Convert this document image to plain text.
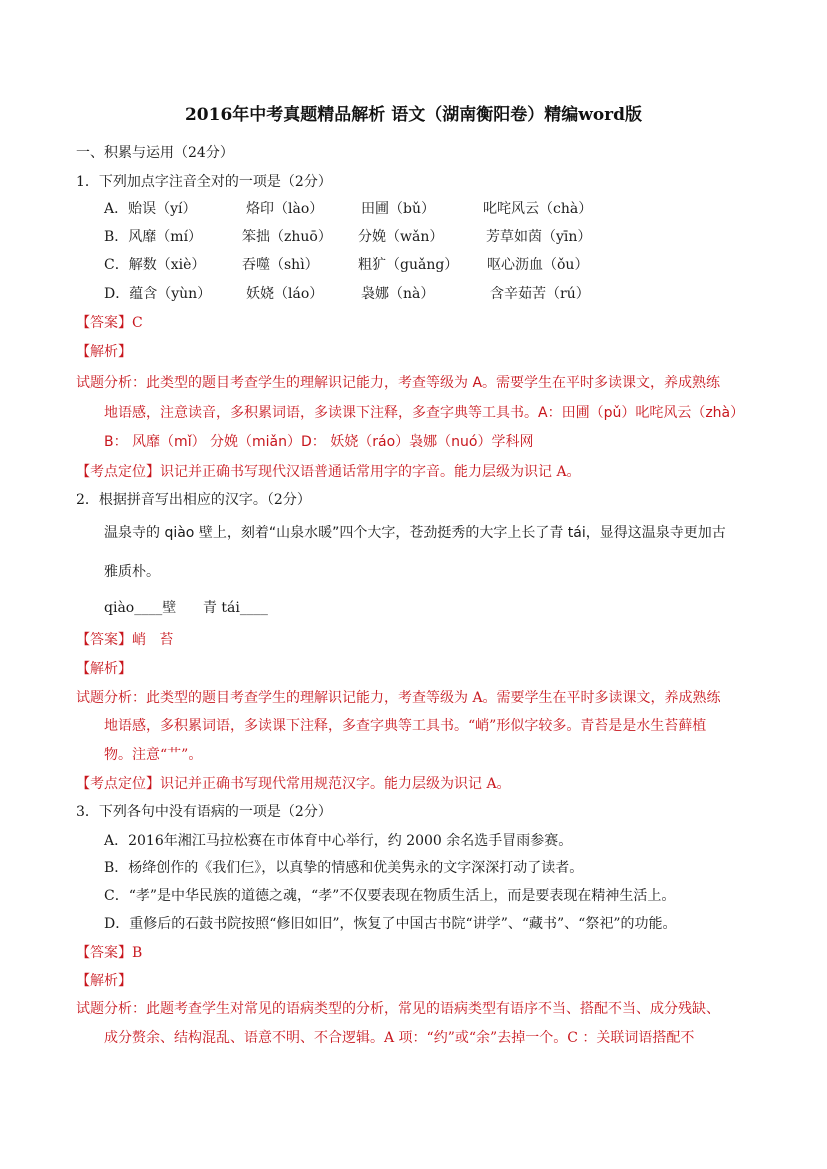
2016年中考真题精品解析 语文（湖南衡阳卷）精编word版
一、积累与运用（24分）
1．下列加点字注音全对的一项是（2分）
A．贻误（yí）	烙印（lào）	田圃（bǔ）	叱咤风云（chà）
B．风靡（mí）	笨拙（zhuō） 分娩（wǎn）	芳草如茵（yīn）
C．解数（xiè）	吞噬（shì）	粗犷（guǎng） 呕心沥血（ǒu）
D．蕴含（yùn） 妖娆（láo）	袅娜（nà）	含辛茹苦（rú）
【答案】C
【解析】
试题分析：此类型的题目考查学生的理解识记能力，考查等级为 A。需要学生在平时多读课文，养成熟练
地语感，注意读音，多积累词语，多读课下注释，多查字典等工具书。A：田圃（pǔ）叱咤风云（zhà）
B： 风靡（mǐ） 分娩（miǎn）D： 妖娆（ráo）袅娜（nuó）学科网
【考点定位】识记并正确书写现代汉语普通话常用字的字音。能力层级为识记 A。
2．根据拼音写出相应的汉字。（2分）
温泉寺的 qiào 壁上，刻着“山泉水暖”四个大字，苍劲挺秀的大字上长了青 tái，显得这温泉寺更加古
雅质朴。
qiào____壁      青 tái____
【答案】峭   苔
【解析】
试题分析：此类型的题目考查学生的理解识记能力，考查等级为 A。需要学生在平时多读课文，养成熟练
地语感，多积累词语，多读课下注释，多查字典等工具书。“峭”形似字较多。青苔是是水生苔藓植
物。注意“艹”。
【考点定位】识记并正确书写现代常用规范汉字。能力层级为识记 A。
3．下列各句中没有语病的一项是（2分）
A．2016年湘江马拉松赛在市体育中心举行，约 2000 余名选手冒雨参赛。
B．杨绛创作的《我们仨》，以真挚的情感和优美隽永的文字深深打动了读者。
C．“孝”是中华民族的道德之魂，“孝”不仅要表现在物质生活上，而是要表现在精神生活上。
D．重修后的石鼓书院按照“修旧如旧”，恢复了中国古书院“讲学”、“藏书”、“祭祀”的功能。
【答案】B
【解析】
试题分析：此题考查学生对常见的语病类型的分析，常见的语病类型有语序不当、搭配不当、成分残缺、
成分赘余、结构混乱、语意不明、不合逻辑。A 项：“约”或“余”去掉一个。C ：关联词语搭配不
